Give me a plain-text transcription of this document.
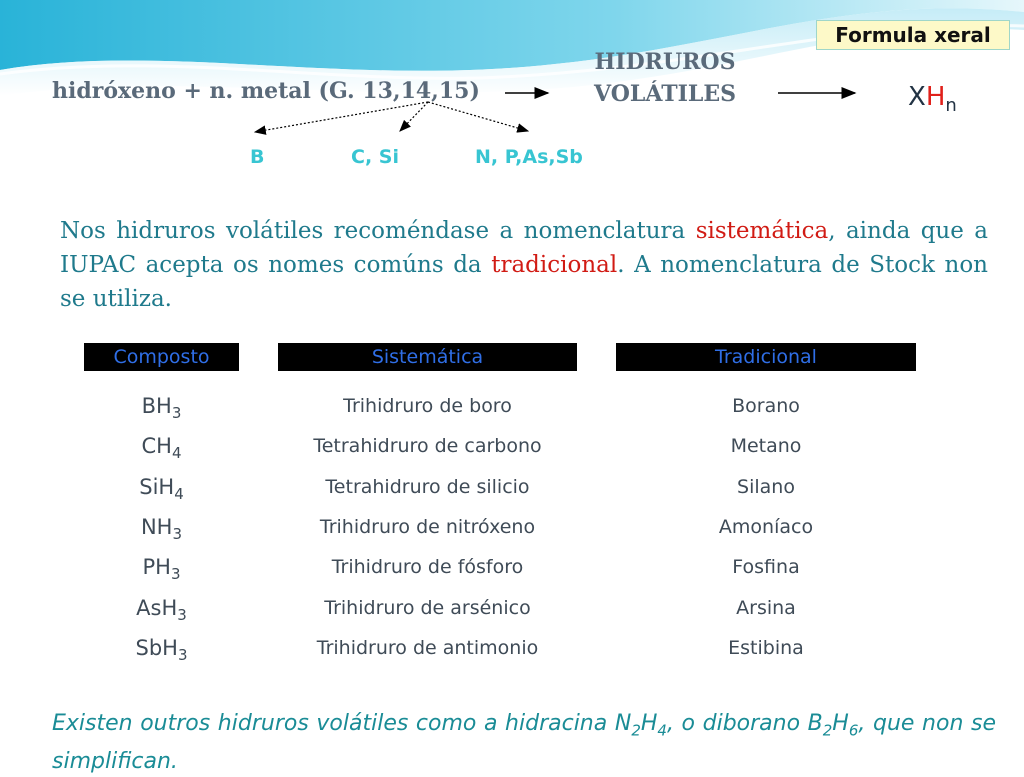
Formula xeral
hidróxeno + n. metal (G. 13,14,15)
HIDRUROS
VOLÁTILES	$XH_n$
B	C, Si	N, P,As,Sb
Nos hidruros volátiles recoméndase a nomenclatura sistemática, ainda que a IUPAC acepta os nomes comúns da tradicional. A nomenclatura de Stock non se utiliza.
Composto	Sistemática	Tradicional
$BH_3$	Trihidruro de boro	Borano
$CH_4$	Tetrahidruro de carbono	Metano
SiH$_4$	Tetrahidruro de silicio	Silano
$NH_3$	Trihidruro de nitróxeno	Amoníaco
$PH_3$	Trihidruro de fósforo	Fosfina
AsH$_3$	Trihidruro de arsénico	Arsina
SbH$_3$	Trihidruro de antimonio	Estibina
Existen outros hidruros volátiles como a hidracina $N_2H_4$, o diborano $B_2H_6$, que non se simplifican.
